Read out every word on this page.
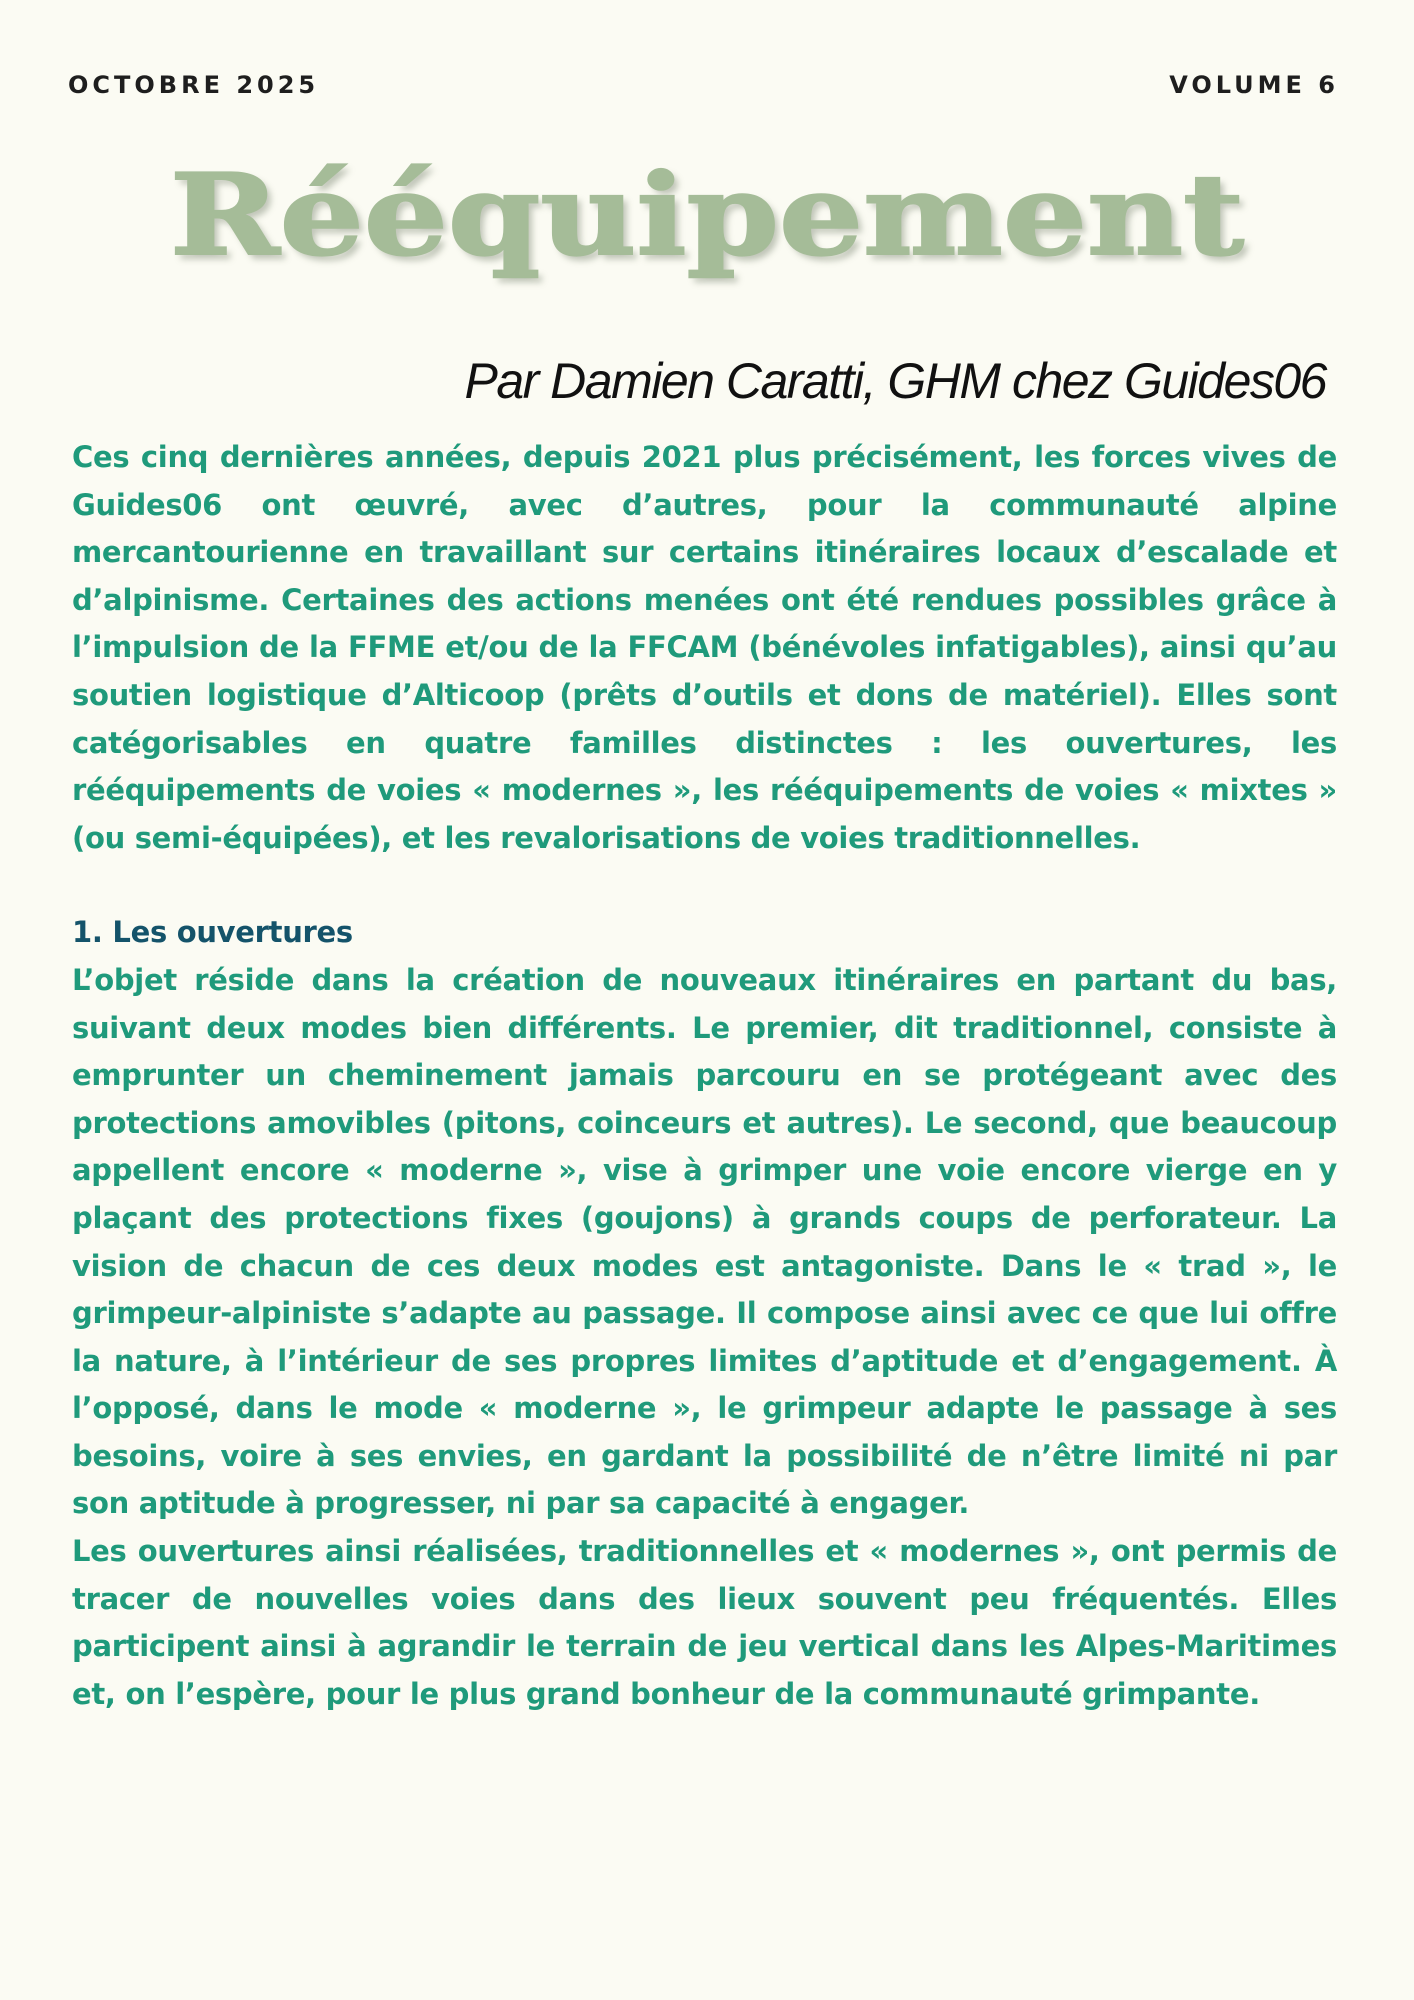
OCTOBRE 2025	VOLUME 6
Rééquipement
Par Damien Caratti, GHM chez Guides06

Ces cinq dernières années, depuis 2021 plus précisément, les forces vives de Guides06 ont œuvré, avec d’autres, pour la communauté alpine mercantourienne en travaillant sur certains itinéraires locaux d’escalade et d’alpinisme. Certaines des actions menées ont été rendues possibles grâce à l’impulsion de la FFME et/ou de la FFCAM (bénévoles infatigables), ainsi qu’au soutien logistique d’Alticoop (prêts d’outils et dons de matériel). Elles sont catégorisables en quatre familles distinctes : les ouvertures, les rééquipements de voies « modernes », les rééquipements de voies « mixtes » (ou semi-équipées), et les revalorisations de voies traditionnelles.

1. Les ouvertures

L’objet réside dans la création de nouveaux itinéraires en partant du bas, suivant deux modes bien différents. Le premier, dit traditionnel, consiste à emprunter un cheminement jamais parcouru en se protégeant avec des protections amovibles (pitons, coinceurs et autres). Le second, que beaucoup appellent encore « moderne », vise à grimper une voie encore vierge en y plaçant des protections fixes (goujons) à grands coups de perforateur. La vision de chacun de ces deux modes est antagoniste. Dans le « trad », le grimpeur-alpiniste s’adapte au passage. Il compose ainsi avec ce que lui offre la nature, à l’intérieur de ses propres limites d’aptitude et d’engagement. À l’opposé, dans le mode « moderne », le grimpeur adapte le passage à ses besoins, voire à ses envies, en gardant la possibilité de n’être limité ni par son aptitude à progresser, ni par sa capacité à engager.

Les ouvertures ainsi réalisées, traditionnelles et « modernes », ont permis de tracer de nouvelles voies dans des lieux souvent peu fréquentés. Elles participent ainsi à agrandir le terrain de jeu vertical dans les Alpes-Maritimes et, on l’espère, pour le plus grand bonheur de la communauté grimpante.
